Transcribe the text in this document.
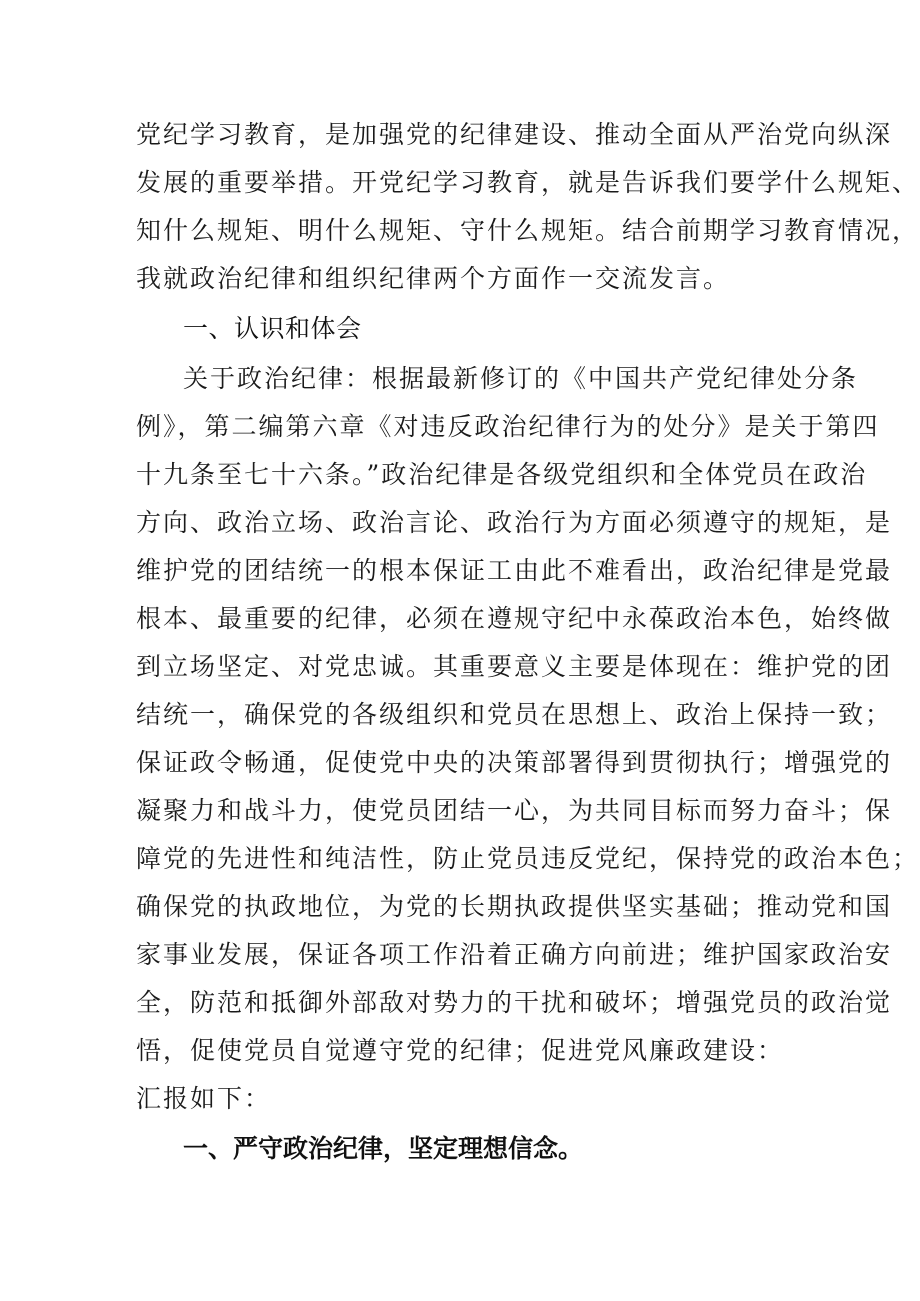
党纪学习教育，是加强党的纪律建设、推动全面从严治党向纵深
发展的重要举措。开党纪学习教育，就是告诉我们要学什么规矩、
知什么规矩、明什么规矩、守什么规矩。结合前期学习教育情况，
我就政治纪律和组织纪律两个方面作一交流发言。
一、认识和体会
关于政治纪律：根据最新修订的《中国共产党纪律处分条
例》，第二编第六章《对违反政治纪律行为的处分》是关于第四
十九条至七十六条。”政治纪律是各级党组织和全体党员在政治
方向、政治立场、政治言论、政治行为方面必须遵守的规矩，是
维护党的团结统一的根本保证工由此不难看出，政治纪律是党最
根本、最重要的纪律，必须在遵规守纪中永葆政治本色，始终做
到立场坚定、对党忠诚。其重要意义主要是体现在：维护党的团
结统一，确保党的各级组织和党员在思想上、政治上保持一致；
保证政令畅通，促使党中央的决策部署得到贯彻执行；增强党的
凝聚力和战斗力，使党员团结一心，为共同目标而努力奋斗；保
障党的先进性和纯洁性，防止党员违反党纪，保持党的政治本色；
确保党的执政地位，为党的长期执政提供坚实基础；推动党和国
家事业发展，保证各项工作沿着正确方向前进；维护国家政治安
全，防范和抵御外部敌对势力的干扰和破坏；增强党员的政治觉
悟，促使党员自觉遵守党的纪律；促进党风廉政建设：
汇报如下：
一、严守政治纪律，坚定理想信念。
